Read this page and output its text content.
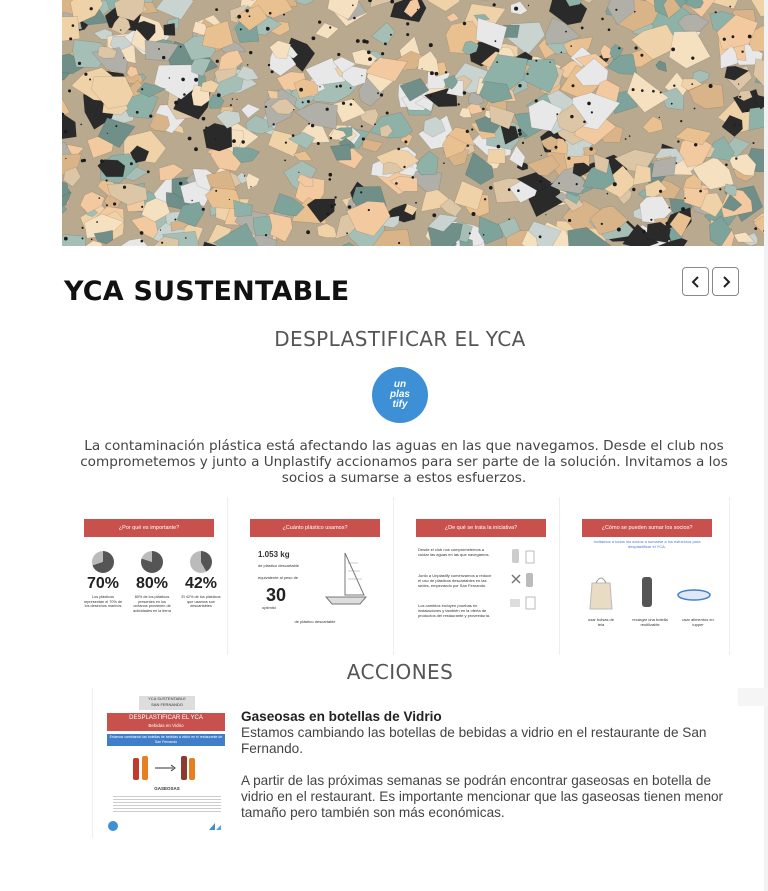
YCA SUSTENTABLE
DESPLASTIFICAR EL YCA
un
plas
tify

La contaminación plástica está afectando las aguas en las que navegamos. Desde el club nos comprometemos y junto a Unplastify accionamos para ser parte de la solución. Invitamos a los socios a sumarse a estos esfuerzos.

¿Por qué es importante?
70%
Los plásticos representan el 70% de los desechos marinos
80%
80% de los plásticos presentes en los océanos provienen de actividades en la tierra
42%
El 42% de los plásticos que usamos son descartables
¿Cuánto plástico usamos?
1.053 kg
de plástico descartable
equivalente al peso de
30
optimist
de plástico descartable
¿De qué se trata la iniciativa?
Desde el club nos comprometemos a cuidar las aguas en las que navegamos.
Junto a Unplastify comenzamos a reducir el uso de plásticos descartables en las sedes, empezando por San Fernando.
Los cambios incluyen pruebas en instalaciones y también en la oferta de productos del restaurante y proveeduría.
¿Cómo se pueden sumar los socios?
Invitamos a todos los socios a sumarse a los esfuerzos para desplastificar el YCA.
usar bolsas de tela
recargar una botella reutilizable
usar alimentos en tupper
ACCIONES
YCA SUSTENTABLE
SAN FERNANDO
DESPLASTIFICAR EL YCA
Bebidas en Vidrio
Estamos cambiando las botellas de bebidas a vidrio en el restaurante de San Fernando
GASEOSAS
Gaseosas en botellas de Vidrio

Estamos cambiando las botellas de bebidas a vidrio en el restaurante de San Fernando.

A partir de las próximas semanas se podrán encontrar gaseosas en botella de vidrio en el restaurant. Es importante mencionar que las gaseosas tienen menor tamaño pero también son más económicas.
